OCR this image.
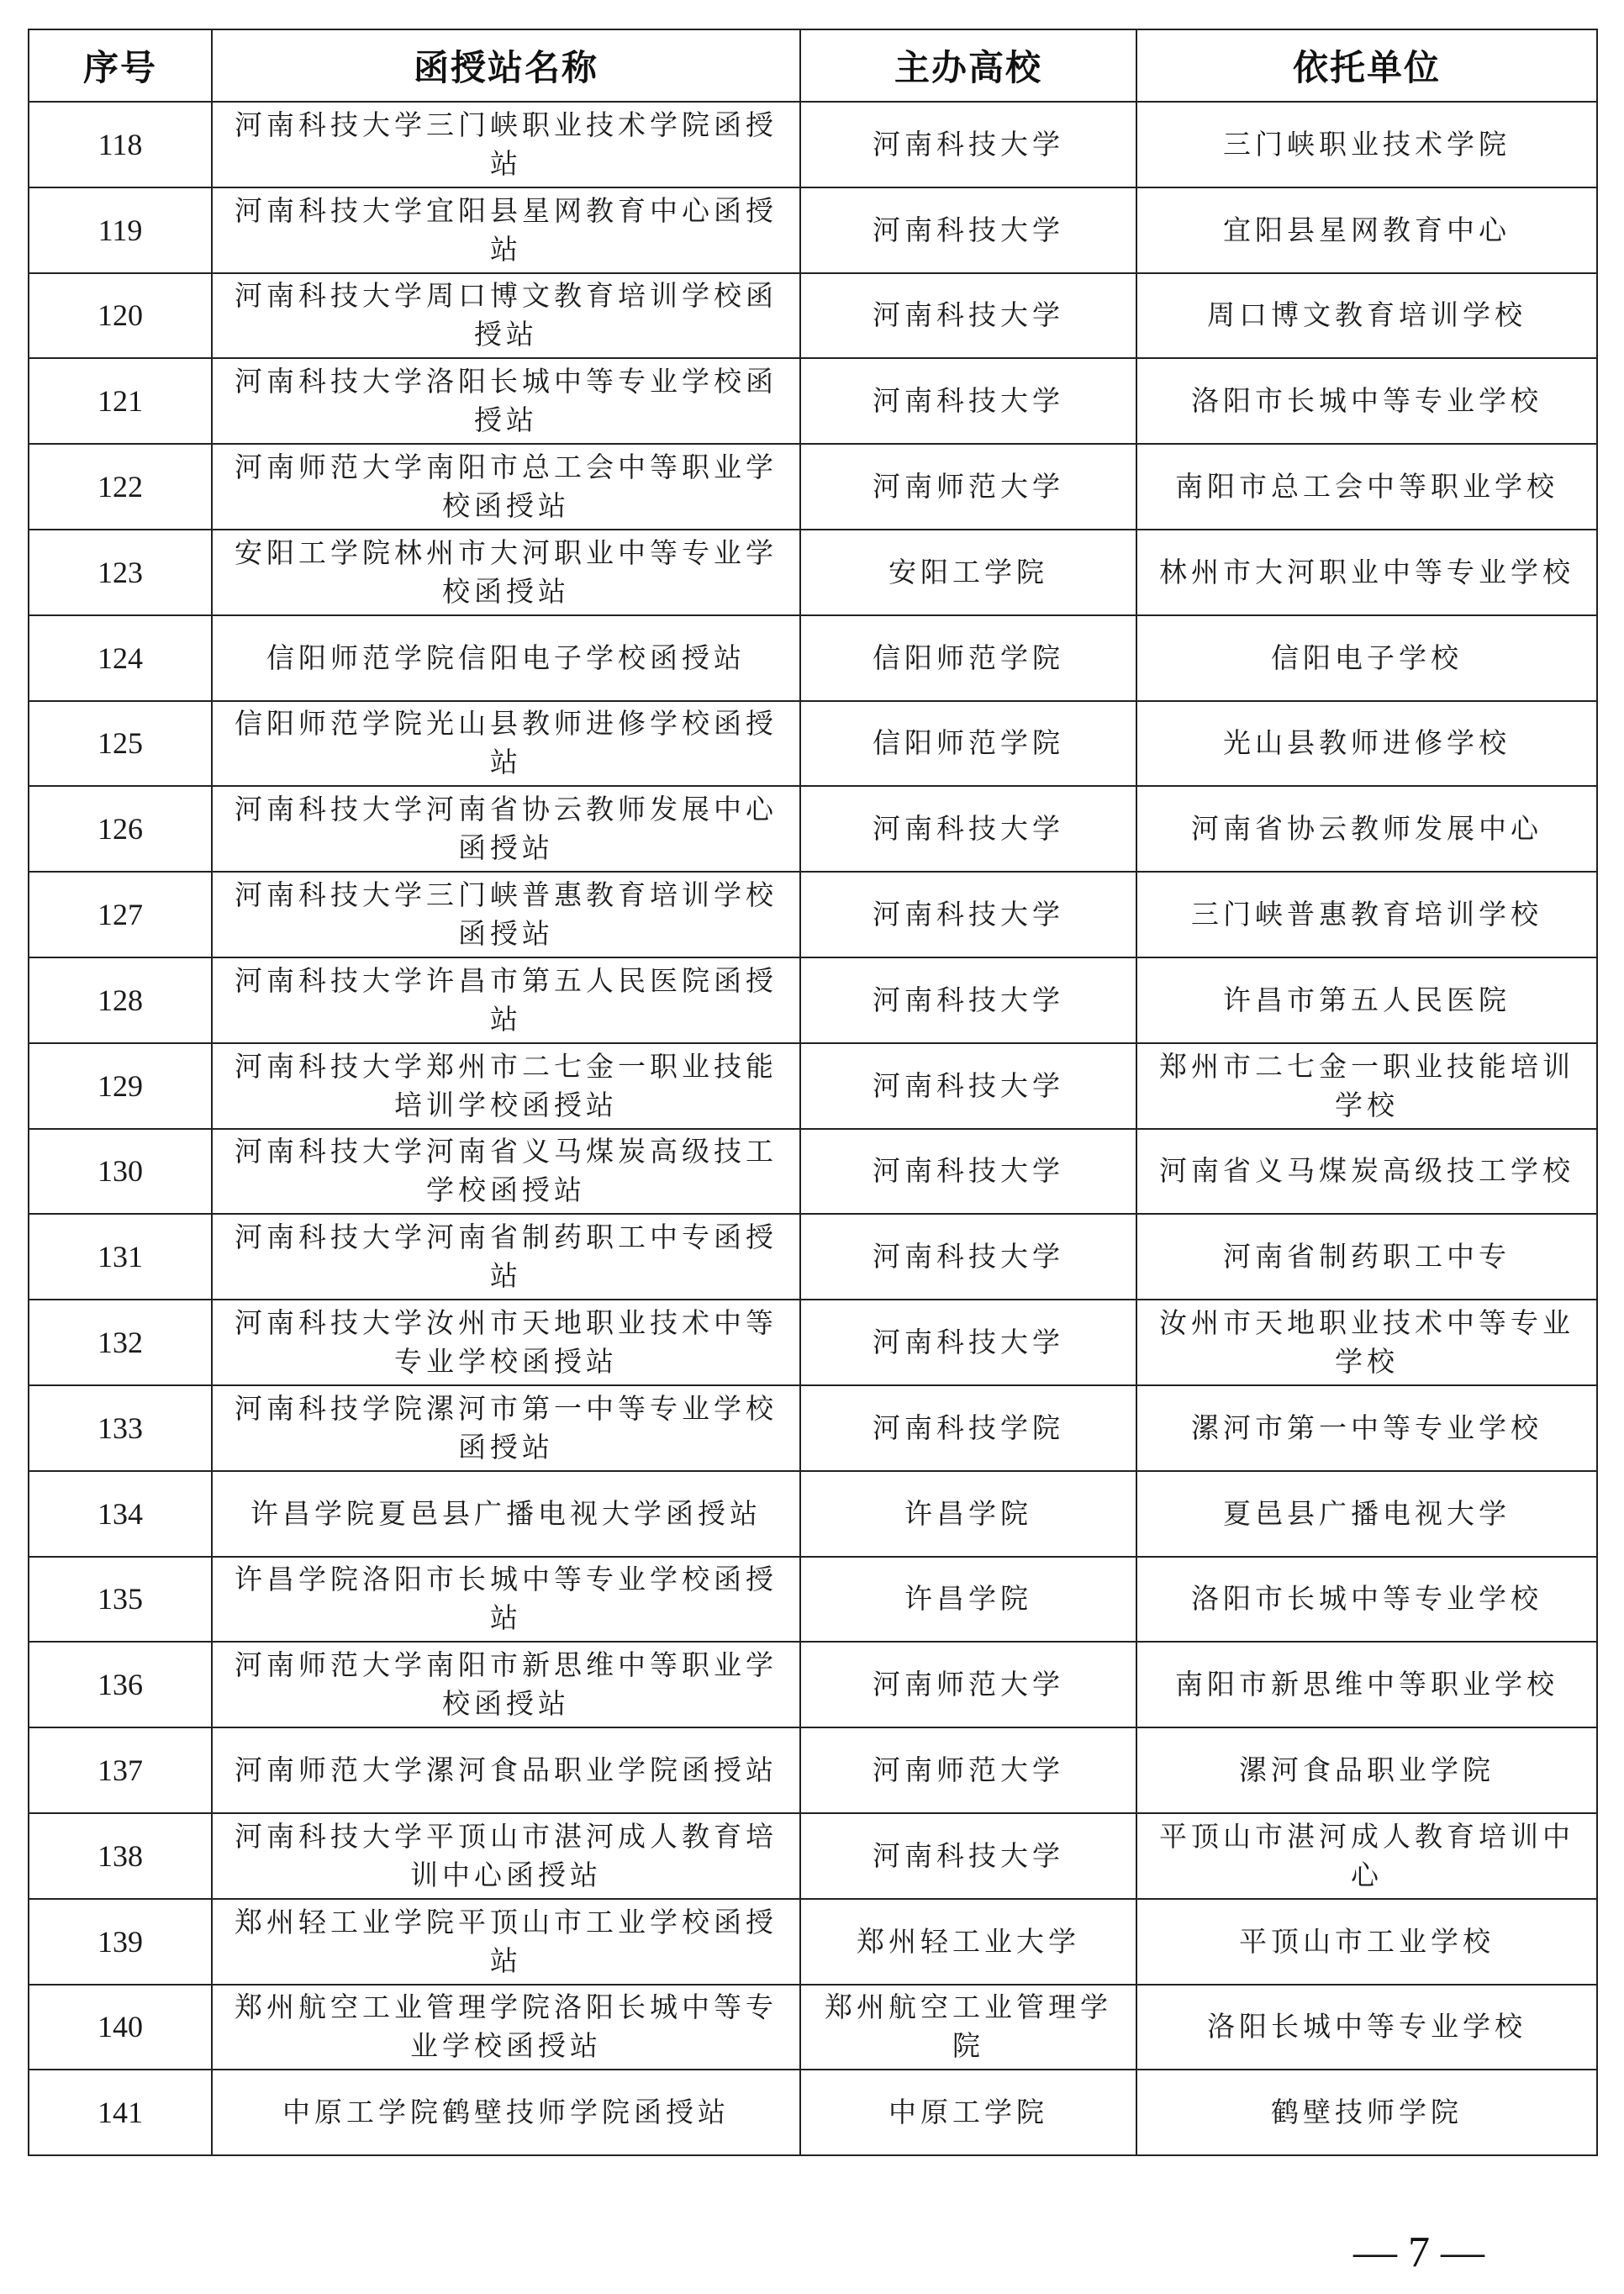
序号	函授站名称	主办高校	依托单位
118	河南科技大学三门峡职业技术学院函授站	河南科技大学	三门峡职业技术学院
119	河南科技大学宜阳县星网教育中心函授站	河南科技大学	宜阳县星网教育中心
120	河南科技大学周口博文教育培训学校函授站	河南科技大学	周口博文教育培训学校
121	河南科技大学洛阳长城中等专业学校函授站	河南科技大学	洛阳市长城中等专业学校
122	河南师范大学南阳市总工会中等职业学校函授站	河南师范大学	南阳市总工会中等职业学校
123	安阳工学院林州市大河职业中等专业学校函授站	安阳工学院	林州市大河职业中等专业学校
124	信阳师范学院信阳电子学校函授站	信阳师范学院	信阳电子学校
125	信阳师范学院光山县教师进修学校函授站	信阳师范学院	光山县教师进修学校
126	河南科技大学河南省协云教师发展中心函授站	河南科技大学	河南省协云教师发展中心
127	河南科技大学三门峡普惠教育培训学校函授站	河南科技大学	三门峡普惠教育培训学校
128	河南科技大学许昌市第五人民医院函授站	河南科技大学	许昌市第五人民医院
129	河南科技大学郑州市二七金一职业技能培训学校函授站	河南科技大学	郑州市二七金一职业技能培训学校
130	河南科技大学河南省义马煤炭高级技工学校函授站	河南科技大学	河南省义马煤炭高级技工学校
131	河南科技大学河南省制药职工中专函授站	河南科技大学	河南省制药职工中专
132	河南科技大学汝州市天地职业技术中等专业学校函授站	河南科技大学	汝州市天地职业技术中等专业学校
133	河南科技学院漯河市第一中等专业学校函授站	河南科技学院	漯河市第一中等专业学校
134	许昌学院夏邑县广播电视大学函授站	许昌学院	夏邑县广播电视大学
135	许昌学院洛阳市长城中等专业学校函授站	许昌学院	洛阳市长城中等专业学校
136	河南师范大学南阳市新思维中等职业学校函授站	河南师范大学	南阳市新思维中等职业学校
137	河南师范大学漯河食品职业学院函授站	河南师范大学	漯河食品职业学院
138	河南科技大学平顶山市湛河成人教育培训中心函授站	河南科技大学	平顶山市湛河成人教育培训中心
139	郑州轻工业学院平顶山市工业学校函授站	郑州轻工业大学	平顶山市工业学校
140	郑州航空工业管理学院洛阳长城中等专业学校函授站	郑州航空工业管理学院	洛阳长城中等专业学校
141	中原工学院鹤壁技师学院函授站	中原工学院	鹤壁技师学院
— 7 —
